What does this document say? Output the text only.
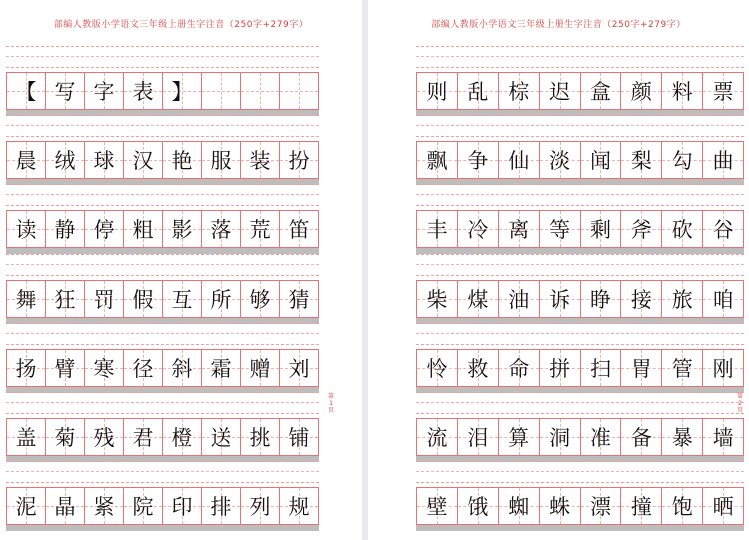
部编人教版小学语文三年级上册生字注音（250字+279字）
【 写 字 表 】
晨 绒 球 汉 艳 服 装 扮
读 静 停 粗 影 落 荒 笛
舞 狂 罚 假 互 所 够 猜
扬 臂 寒 径 斜 霜 赠 刘
盖 菊 残 君 橙 送 挑 铺
泥 晶 紧 院 印 排 列 规
第
1
页
部编人教版小学语文三年级上册生字注音（250字+279字）
则 乱 棕 迟 盒 颜 料 票
飘 争 仙 淡 闻 梨 勾 曲
丰 冷 离 等 剩 斧 砍 谷
柴 煤 油 诉 睁 接 旅 咱
怜 救 命 拼 扫 胃 管 刚
流 泪 算 洞 准 备 暴 墙
壁 饿 蜘 蛛 漂 撞 饱 晒
第
2
页
